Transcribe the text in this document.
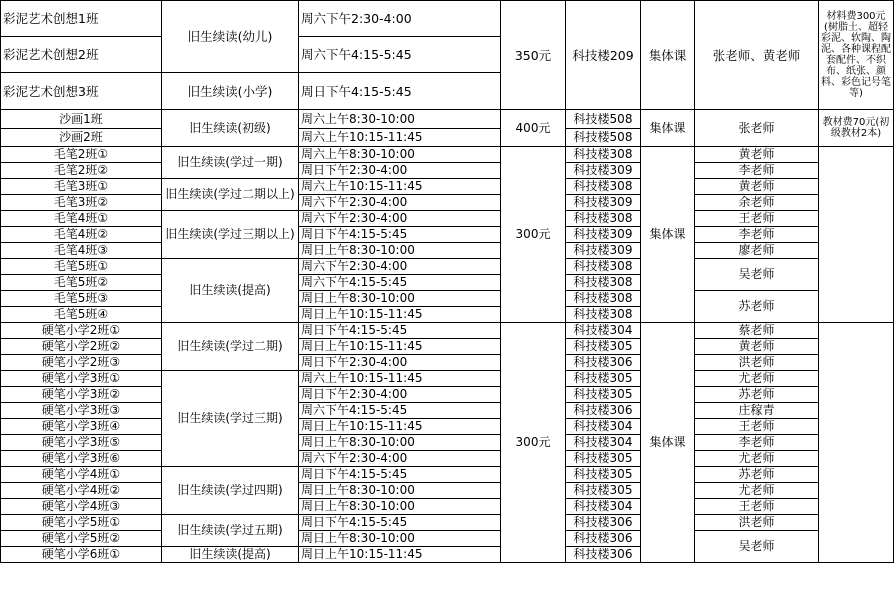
彩泥艺术创想1班	旧生续读(幼儿)	周六下午2:30-4:00	350元	科技楼209	集体课	张老师、黄老师	材料费300元(树脂土、超轻彩泥、软陶、陶泥、各种课程配套配件、不织布、纸张、颜料、彩色记号笔等)
彩泥艺术创想2班		周六下午4:15-5:45					
彩泥艺术创想3班	旧生续读(小学)	周日下午4:15-5:45					
沙画1班	旧生续读(初级)	周六上午8:30-10:00	400元	科技楼508	集体课	张老师	教材费70元(初级教材2本)
沙画2班		周六上午10:15-11:45		科技楼508			
毛笔2班①	旧生续读(学过一期)	周六上午8:30-10:00	300元	科技楼308	集体课	黄老师	
毛笔2班②		周日下午2:30-4:00		科技楼309		李老师	
毛笔3班①	旧生续读(学过二期以上)	周六上午10:15-11:45		科技楼308		黄老师	
毛笔3班②		周六下午2:30-4:00		科技楼309		余老师	
毛笔4班①	旧生续读(学过三期以上)	周六下午2:30-4:00		科技楼308		王老师	
毛笔4班②		周日下午4:15-5:45		科技楼309		李老师	
毛笔4班③		周日上午8:30-10:00		科技楼309		廖老师	
毛笔5班①	旧生续读(提高)	周六下午2:30-4:00		科技楼308		吴老师	
毛笔5班②		周六下午4:15-5:45		科技楼308			
毛笔5班③		周日上午8:30-10:00		科技楼308		苏老师	
毛笔5班④		周日上午10:15-11:45		科技楼308			
硬笔小学2班①	旧生续读(学过二期)	周日下午4:15-5:45	300元	科技楼304	集体课	蔡老师	
硬笔小学2班②		周日上午10:15-11:45		科技楼305		黄老师	
硬笔小学2班③		周日下午2:30-4:00		科技楼306		洪老师	
硬笔小学3班①	旧生续读(学过三期)	周六上午10:15-11:45		科技楼305		尤老师	
硬笔小学3班②		周日下午2:30-4:00		科技楼305		苏老师	
硬笔小学3班③		周六下午4:15-5:45		科技楼306		庄稼青	
硬笔小学3班④		周日上午10:15-11:45		科技楼304		王老师	
硬笔小学3班⑤		周日上午8:30-10:00		科技楼304		李老师	
硬笔小学3班⑥		周六下午2:30-4:00		科技楼305		尤老师	
硬笔小学4班①	旧生续读(学过四期)	周日下午4:15-5:45		科技楼305		苏老师	
硬笔小学4班②		周日上午8:30-10:00		科技楼305		尤老师	
硬笔小学4班③		周日上午8:30-10:00		科技楼304		王老师	
硬笔小学5班①	旧生续读(学过五期)	周日下午4:15-5:45		科技楼306		洪老师	
硬笔小学5班②		周日上午8:30-10:00		科技楼306		吴老师	
硬笔小学6班①	旧生续读(提高)	周日上午10:15-11:45		科技楼306			
